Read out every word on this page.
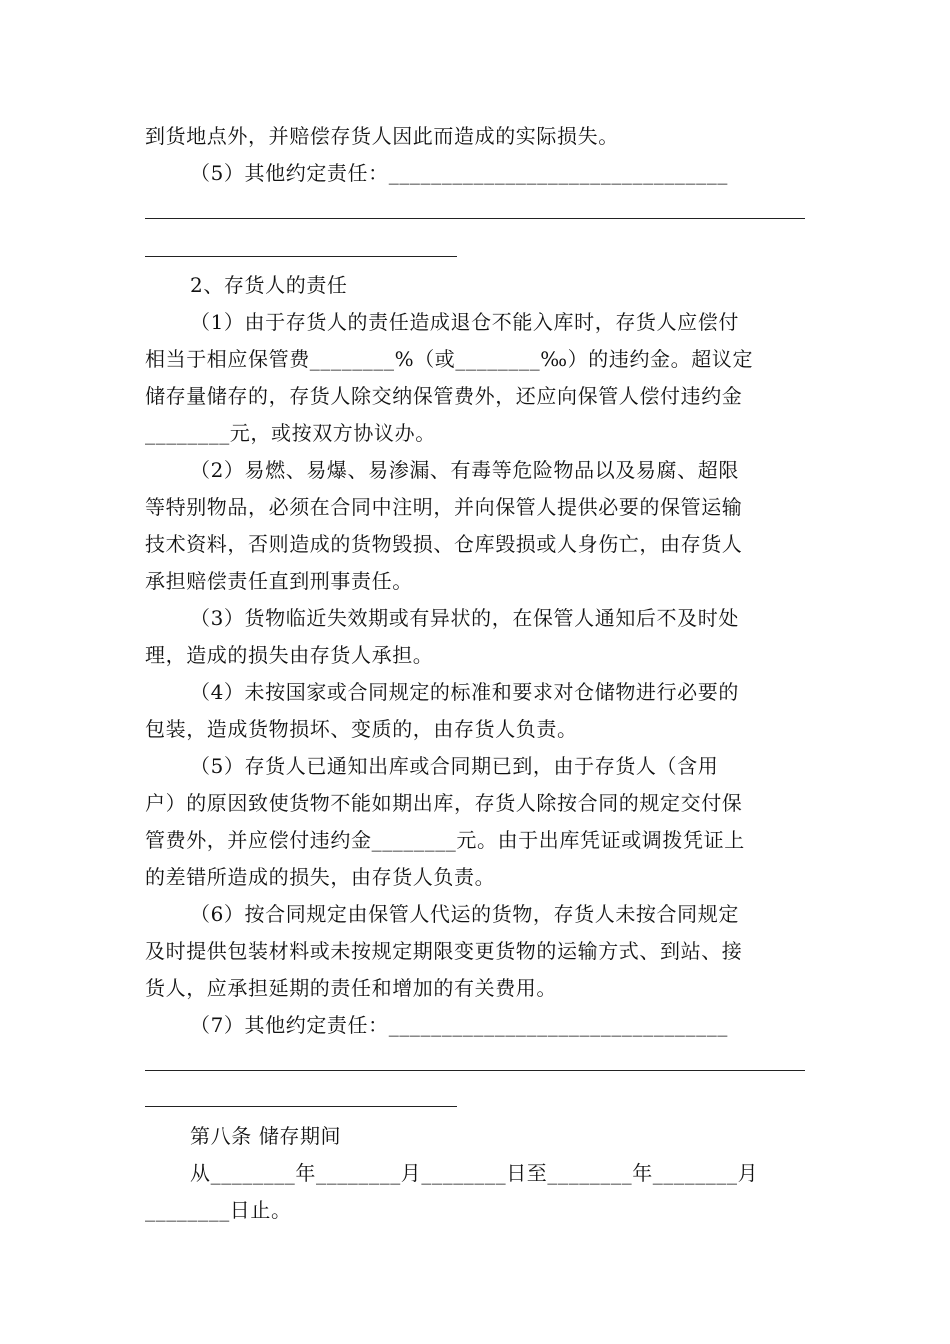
到货地点外，并赔偿存货人因此而造成的实际损失。
（5）其他约定责任：________________________________
2、存货人的责任
（1）由于存货人的责任造成退仓不能入库时，存货人应偿付
相当于相应保管费________%（或________‰）的违约金。超议定
储存量储存的，存货人除交纳保管费外，还应向保管人偿付违约金
________元，或按双方协议办。
（2）易燃、易爆、易渗漏、有毒等危险物品以及易腐、超限
等特别物品，必须在合同中注明，并向保管人提供必要的保管运输
技术资料，否则造成的货物毁损、仓库毁损或人身伤亡，由存货人
承担赔偿责任直到刑事责任。
（3）货物临近失效期或有异状的，在保管人通知后不及时处
理，造成的损失由存货人承担。
（4）未按国家或合同规定的标准和要求对仓储物进行必要的
包装，造成货物损坏、变质的，由存货人负责。
（5）存货人已通知出库或合同期已到，由于存货人（含用
户）的原因致使货物不能如期出库，存货人除按合同的规定交付保
管费外，并应偿付违约金________元。由于出库凭证或调拨凭证上
的差错所造成的损失，由存货人负责。
（6）按合同规定由保管人代运的货物，存货人未按合同规定
及时提供包装材料或未按规定期限变更货物的运输方式、到站、接
货人，应承担延期的责任和增加的有关费用。
（7）其他约定责任：________________________________
第八条 储存期间
从________年________月________日至________年________月
________日止。
